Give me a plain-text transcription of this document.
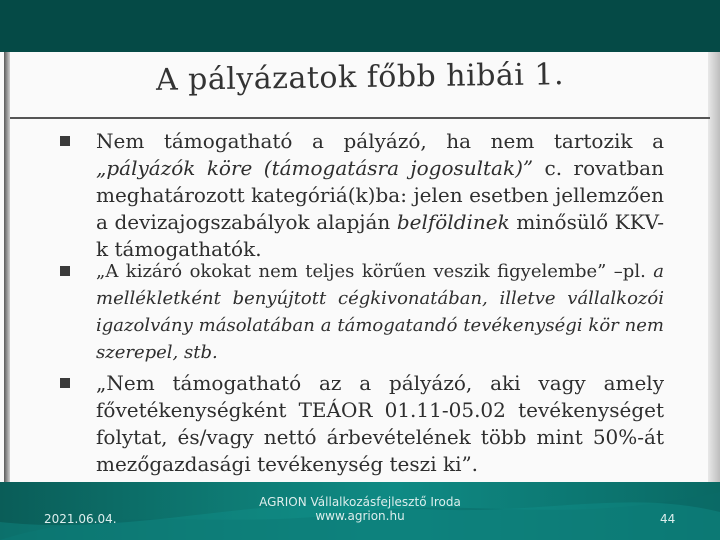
A pályázatok főbb hibái 1.
Nem támogatható a pályázó, ha nem tartozik a „pályázók köre (támogatásra jogosultak)” c. rovatban meghatározott kategóriá(k)ba: jelen esetben jellemzően a devizajogszabályok alapján belföldinek minősülő KKV-k támogathatók.
„A kizáró okokat nem teljes körűen veszik figyelembe” –pl. a mellékletként benyújtott cégkivonatában, illetve vállalkozói igazolvány másolatában a támogatandó tevékenységi kör nem szerepel, stb.
„Nem támogatható az a pályázó, aki vagy amely fővetékenységként TEÁOR 01.11-05.02 tevékenységet folytat, és/vagy nettó árbevételének több mint 50%-át mezőgazdasági tevékenység teszi ki”.
2021.06.04.
AGRION Vállalkozásfejlesztő Iroda
www.agrion.hu	44
